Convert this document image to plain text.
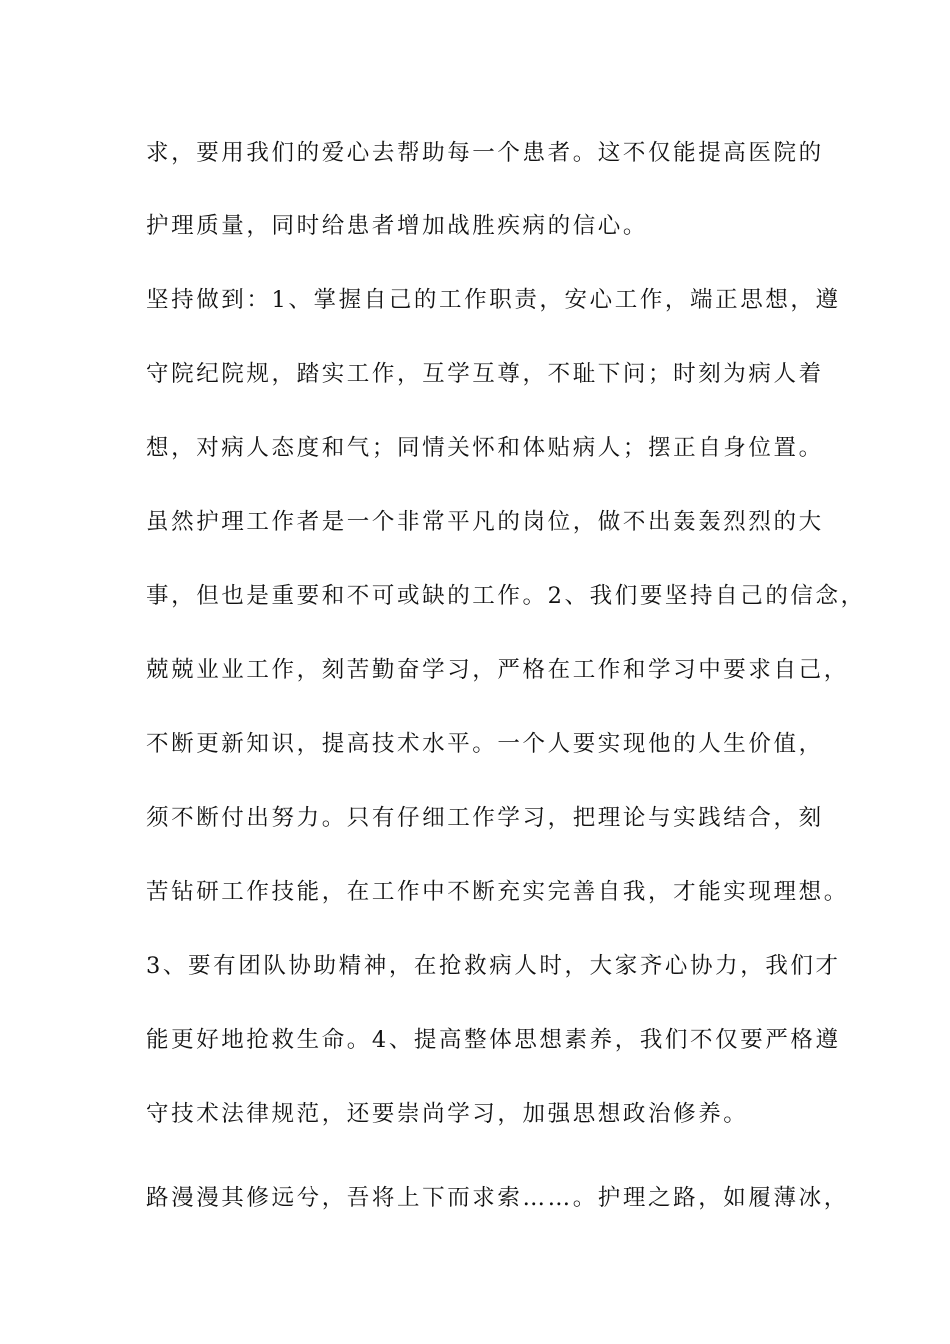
求，要用我们的爱心去帮助每一个患者。这不仅能提高医院的
护理质量，同时给患者增加战胜疾病的信心。
坚持做到：1、掌握自己的工作职责，安心工作，端正思想，遵
守院纪院规，踏实工作，互学互尊，不耻下问；时刻为病人着
想，对病人态度和气；同情关怀和体贴病人；摆正自身位置。
虽然护理工作者是一个非常平凡的岗位，做不出轰轰烈烈的大
事，但也是重要和不可或缺的工作。2、我们要坚持自己的信念，
兢兢业业工作，刻苦勤奋学习，严格在工作和学习中要求自己，
不断更新知识，提高技术水平。一个人要实现他的人生价值，
须不断付出努力。只有仔细工作学习，把理论与实践结合，刻
苦钻研工作技能，在工作中不断充实完善自我，才能实现理想。
3、要有团队协助精神，在抢救病人时，大家齐心协力，我们才
能更好地抢救生命。4、提高整体思想素养，我们不仅要严格遵
守技术法律规范，还要崇尚学习，加强思想政治修养。
路漫漫其修远兮，吾将上下而求索……。护理之路，如履薄冰，
